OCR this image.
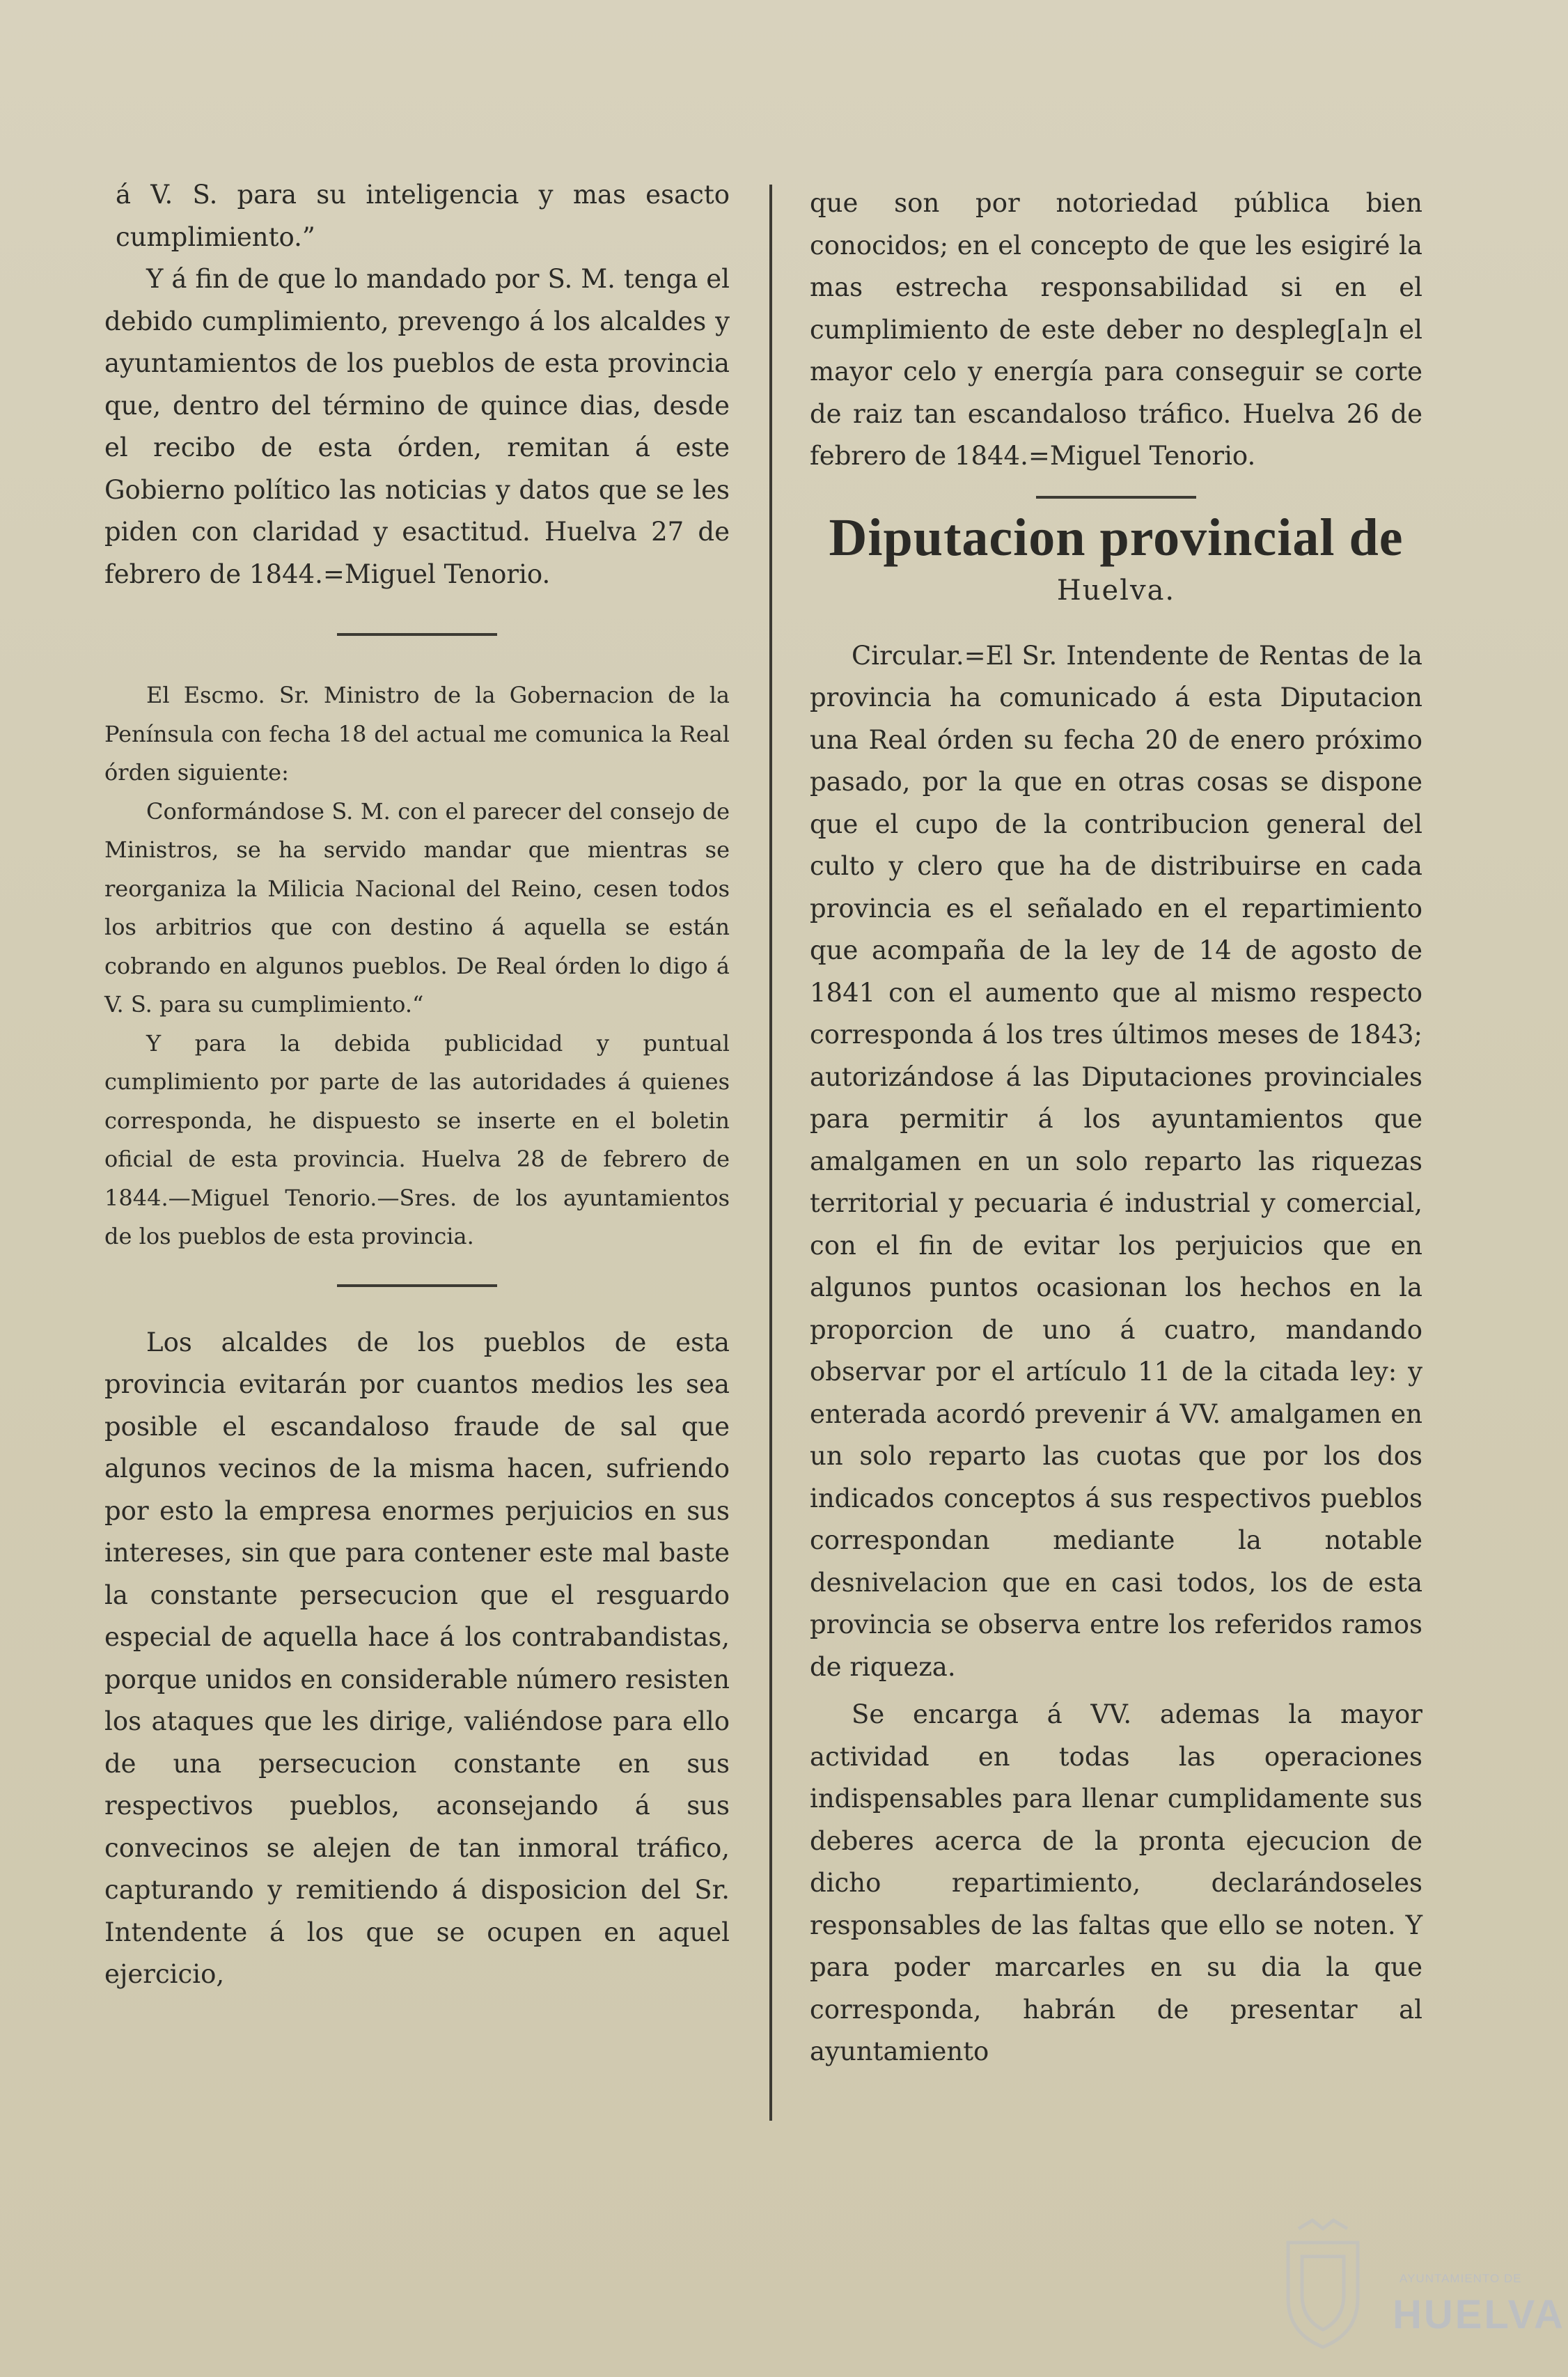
á V. S. para su inteligencia y mas esacto cumplimiento.”

Y á fin de que lo mandado por S. M. tenga el debido cumplimiento, prevengo á los alcaldes y ayuntamientos de los pueblos de esta provincia que, dentro del término de quince dias, desde el recibo de esta órden, remitan á este Gobierno político las noticias y datos que se les piden con claridad y esactitud. Huelva 27 de febrero de 1844.=Miguel Tenorio.

El Escmo. Sr. Ministro de la Gobernacion de la Península con fecha 18 del actual me comunica la Real órden siguiente:

Conformándose S. M. con el parecer del consejo de Ministros, se ha servido mandar que mientras se reorganiza la Milicia Nacional del Reino, cesen todos los arbitrios que con destino á aquella se están cobrando en algunos pueblos. De Real órden lo digo á V. S. para su cumplimiento.“

Y para la debida publicidad y puntual cumplimiento por parte de las autoridades á quienes corresponda, he dispuesto se inserte en el boletin oficial de esta provincia. Huelva 28 de febrero de 1844.—Miguel Tenorio.—Sres. de los ayuntamientos de los pueblos de esta provincia.

Los alcaldes de los pueblos de esta provincia evitarán por cuantos medios les sea posible el escandaloso fraude de sal que algunos vecinos de la misma hacen, sufriendo por esto la empresa enormes perjuicios en sus intereses, sin que para contener este mal baste la constante persecucion que el resguardo especial de aquella hace á los contrabandistas, porque unidos en considerable número resisten los ataques que les dirige, valiéndose para ello de una persecucion constante en sus respectivos pueblos, aconsejando á sus convecinos se alejen de tan inmoral tráfico, capturando y remitiendo á disposicion del Sr. Intendente á los que se ocupen en aquel ejercicio,

que son por notoriedad pública bien conocidos; en el concepto de que les esigiré la mas estrecha responsabilidad si en el cumplimiento de este deber no despleg[a]n el mayor celo y energía para conseguir se corte de raiz tan escandaloso tráfico. Huelva 26 de febrero de 1844.=Miguel Tenorio.

Diputacion provincial de
Huelva.

Circular.=El Sr. Intendente de Rentas de la provincia ha comunicado á esta Diputacion una Real órden su fecha 20 de enero próximo pasado, por la que en otras cosas se dispone que el cupo de la contribucion general del culto y clero que ha de distribuirse en cada provincia es el señalado en el repartimiento que acompaña de la ley de 14 de agosto de 1841 con el aumento que al mismo respecto corresponda á los tres últimos meses de 1843; autorizándose á las Diputaciones provinciales para permitir á los ayuntamientos que amalgamen en un solo reparto las riquezas territorial y pecuaria é industrial y comercial, con el fin de evitar los perjuicios que en algunos puntos ocasionan los hechos en la proporcion de uno á cuatro, mandando observar por el artículo 11 de la citada ley: y enterada acordó prevenir á VV. amalgamen en un solo reparto las cuotas que por los dos indicados conceptos á sus respectivos pueblos correspondan mediante la notable desnivelacion que en casi todos, los de esta provincia se observa entre los referidos ramos de riqueza.

Se encarga á VV. ademas la mayor actividad en todas las operaciones indispensables para llenar cumplidamente sus deberes acerca de la pronta ejecucion de dicho repartimiento, declarándoseles responsables de las faltas que ello se noten. Y para poder marcarles en su dia la que corresponda, habrán de presentar al ayuntamiento

AYUNTAMIENTO DE
HUELVA
